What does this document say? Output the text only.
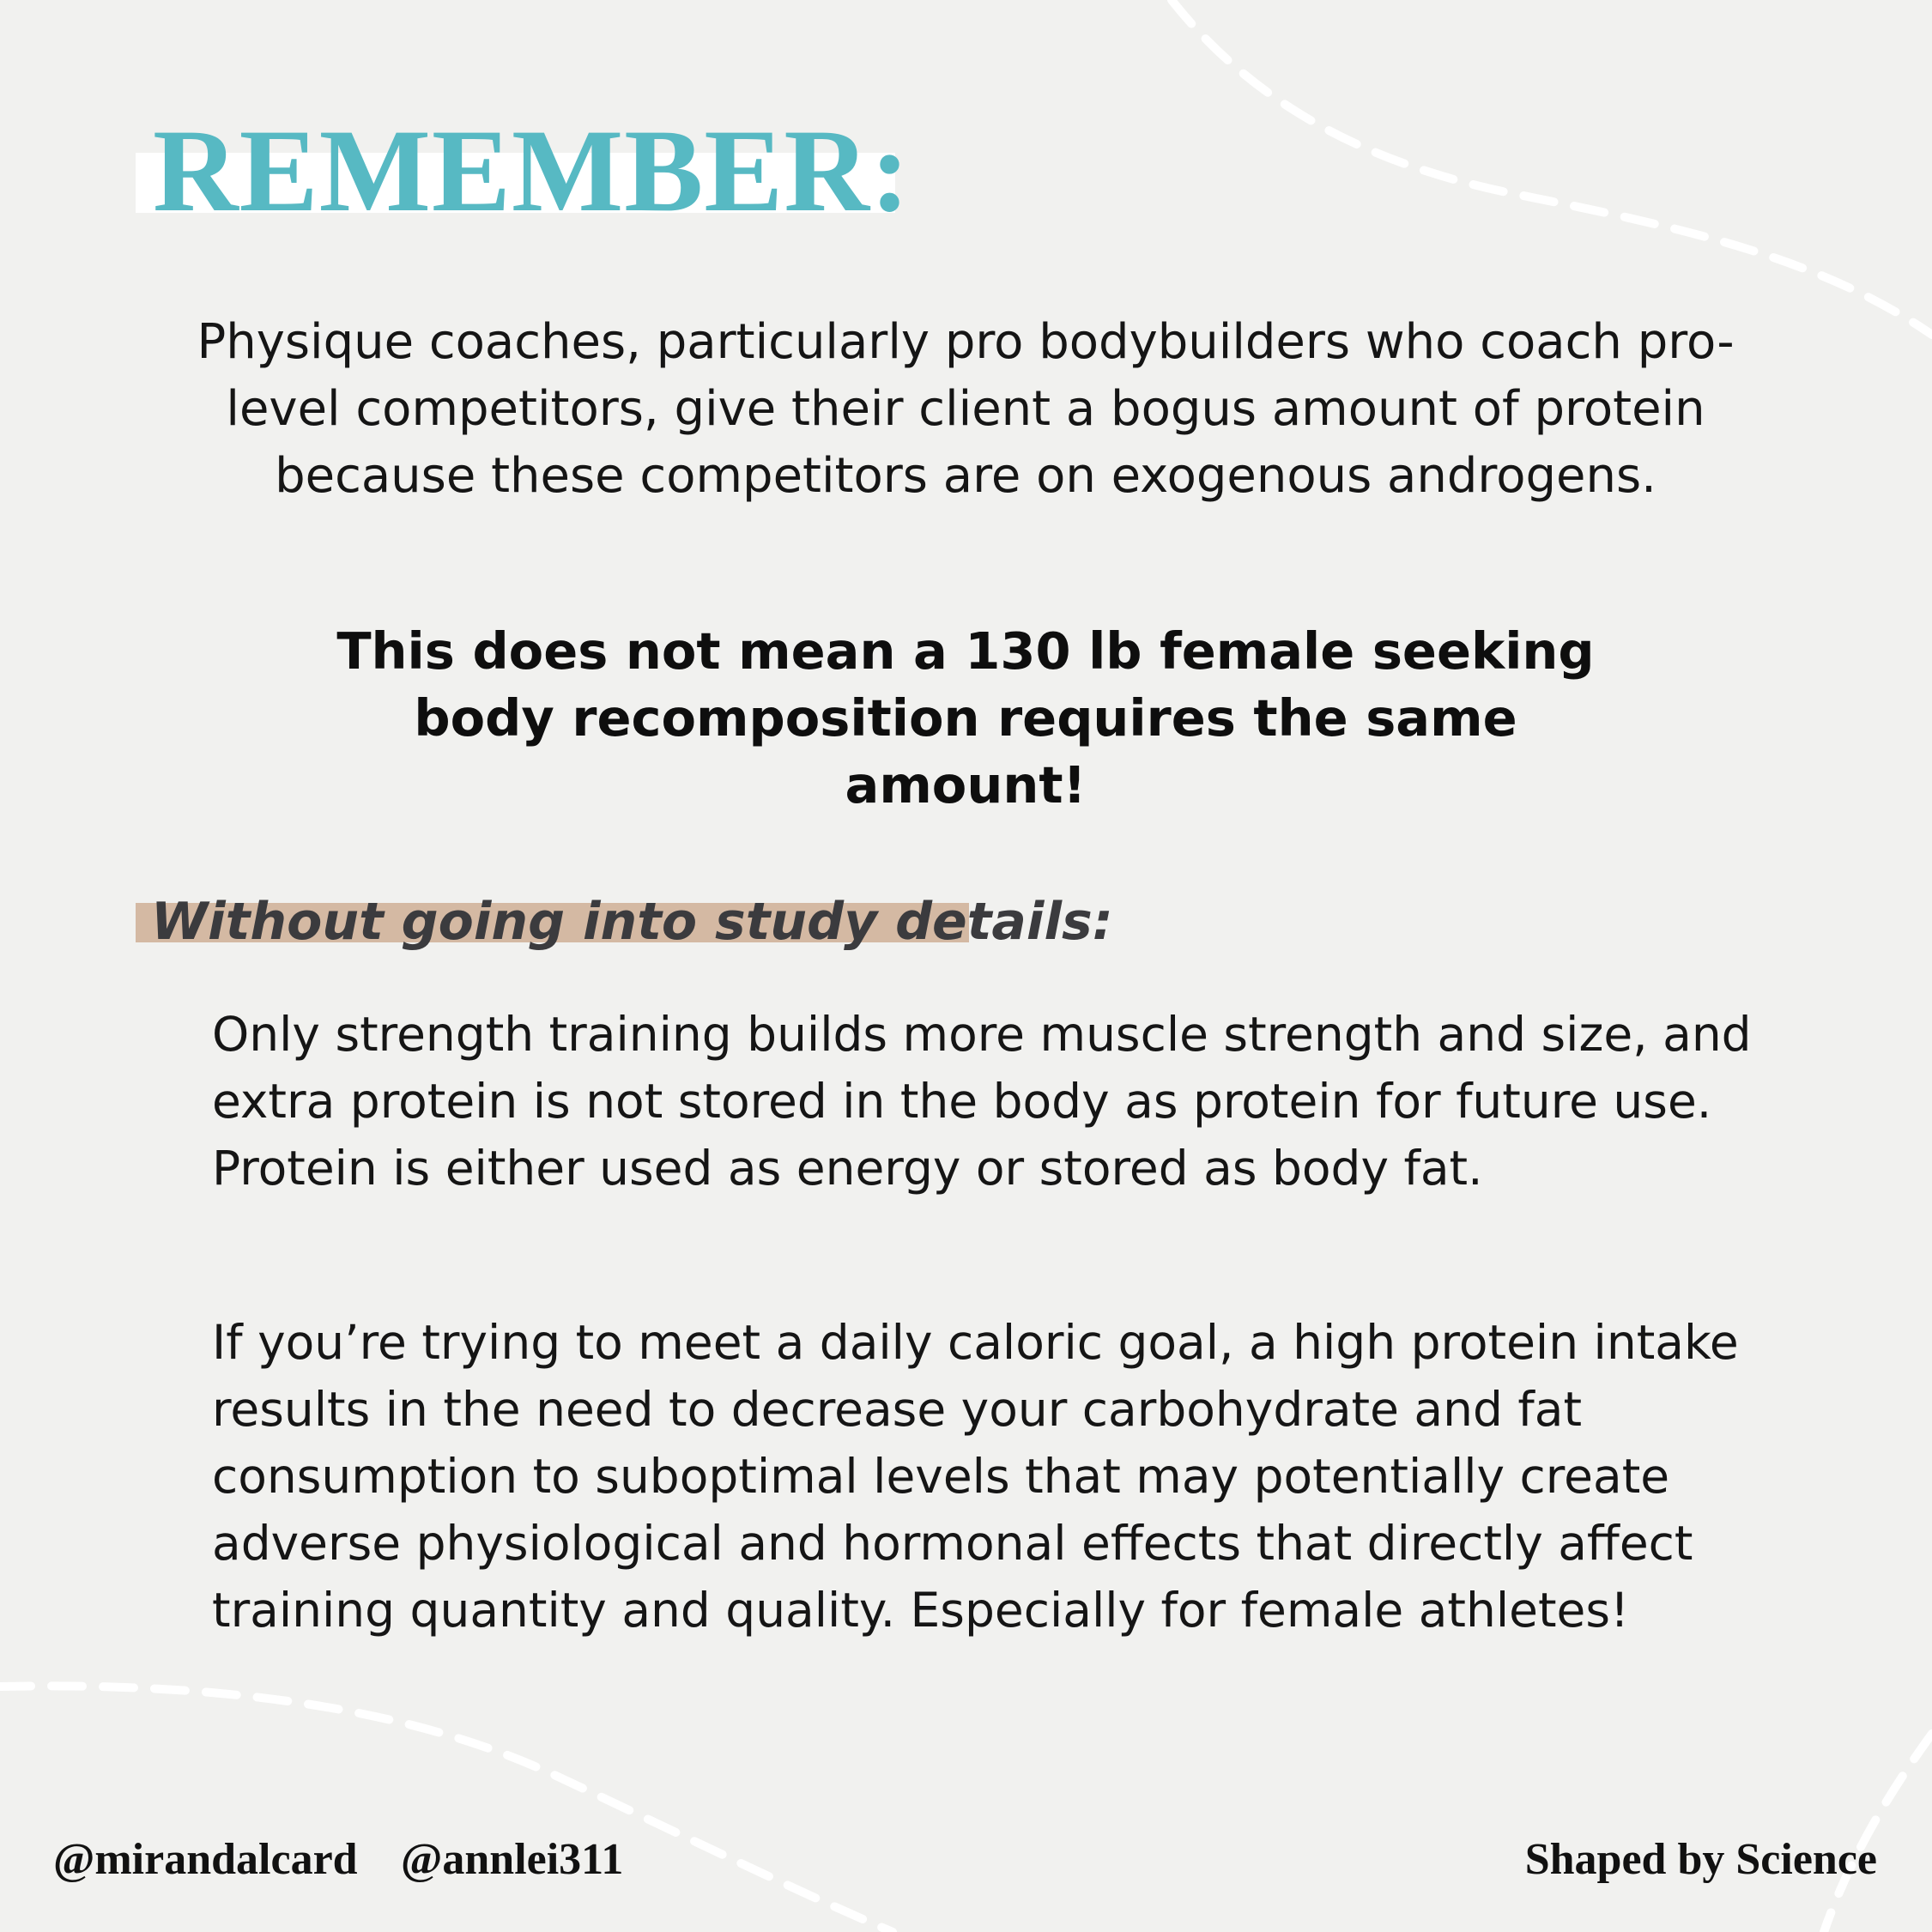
REMEMBER:

Physique coaches, particularly pro bodybuilders who coach pro-level competitors, give their client a bogus amount of protein because these competitors are on exogenous androgens.

This does not mean a 130 lb female seeking body recomposition requires the same amount!

Without going into study details:

Only strength training builds more muscle strength and size, and extra protein is not stored in the body as protein for future use. Protein is either used as energy or stored as body fat.

If you’re trying to meet a daily caloric goal, a high protein intake results in the need to decrease your carbohydrate and fat consumption to suboptimal levels that may potentially create adverse physiological and hormonal effects that directly affect training quantity and quality. Especially for female athletes!

@mirandalcard @annlei311	Shaped by Science
